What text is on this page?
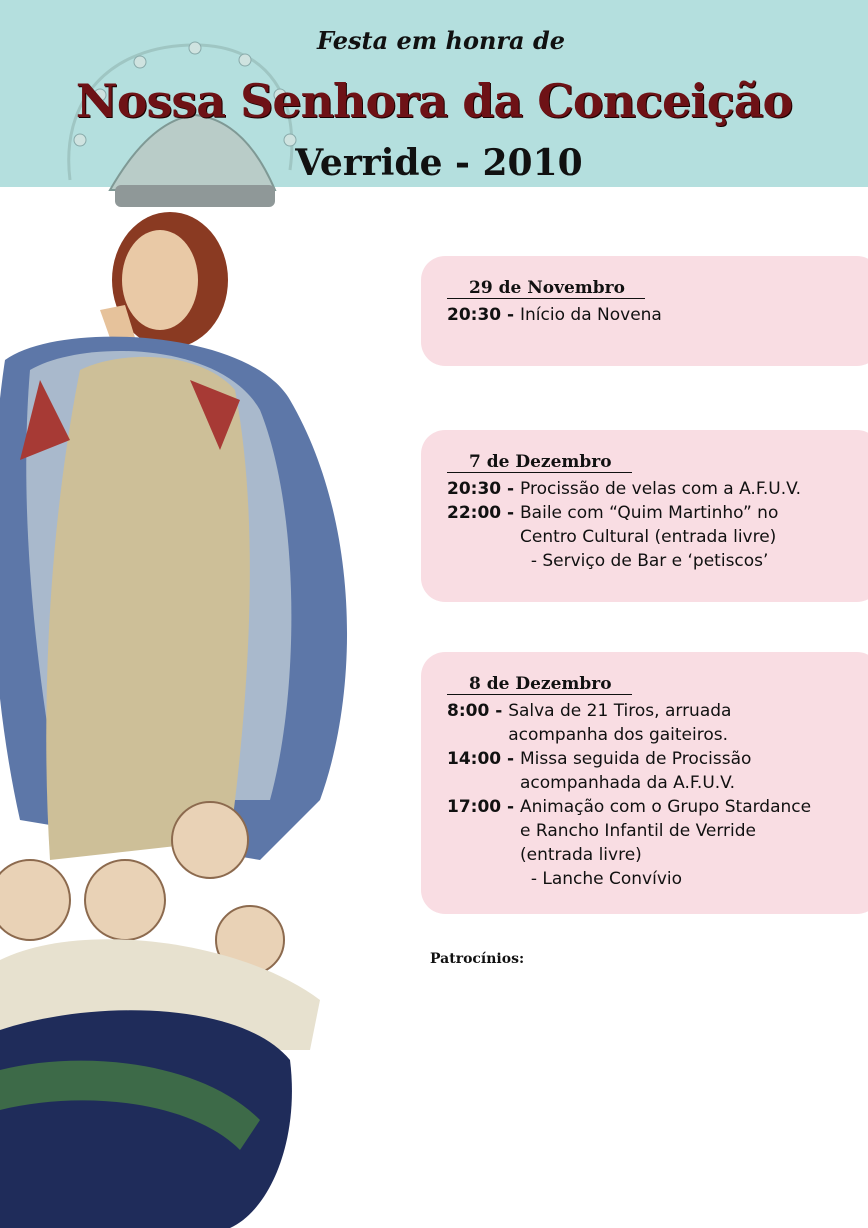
Festa em honra de
Nossa Senhora da Conceição
Verride - 2010
29 de Novembro
20:30 - Início da Novena
7 de Dezembro
20:30 - Procissão de velas com a A.F.U.V.
22:00 - Baile com “Quim Martinho” no
Centro Cultural (entrada livre)
- Serviço de Bar e ‘petiscos’
8 de Dezembro
8:00 - Salva de 21 Tiros, arruada
acompanha dos gaiteiros.
14:00 - Missa seguida de Procissão
acompanhada da A.F.U.V.
17:00 - Animação com o Grupo Stardance
e Rancho Infantil de Verride
(entrada livre)
- Lanche Convívio
Patrocínios:
